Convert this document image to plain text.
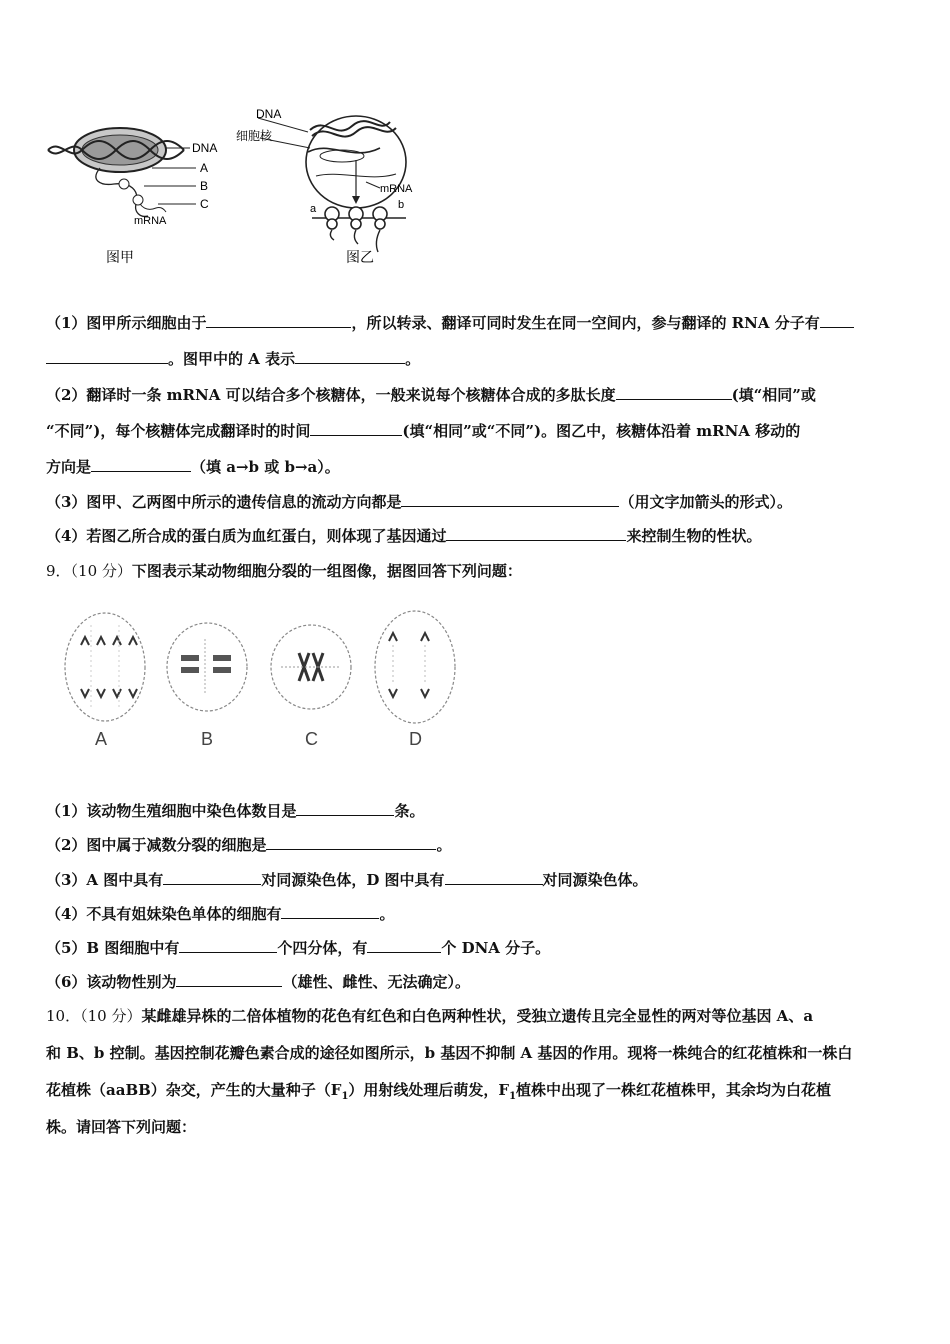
DNA
A
B
C
mRNA
图甲
DNA
细胞核
mRNA
a	b
图乙
（1）图甲所示细胞由于	，所以转录、翻译可同时发生在同一空间内，参与翻译的 RNA 分子有
。图甲中的 A 表示	。
（2）翻译时一条 mRNA 可以结合多个核糖体，一般来说每个核糖体合成的多肽长度	(填“相同”或
“不同”)，每个核糖体完成翻译时的时间	(填“相同”或“不同”)。图乙中，核糖体沿着 mRNA 移动的
方向是	（填 a→b 或 b→a）。
（3）图甲、乙两图中所示的遗传信息的流动方向都是	（用文字加箭头的形式）。
（4）若图乙所合成的蛋白质为血红蛋白，则体现了基因通过	来控制生物的性状。
9．（10 分）下图表示某动物细胞分裂的一组图像，据图回答下列问题：
A	B	C	D
（1）该动物生殖细胞中染色体数目是	条。
（2）图中属于减数分裂的细胞是	。
（3）A 图中具有	对同源染色体，D 图中具有	对同源染色体。
（4）不具有姐妹染色单体的细胞有	。
（5）B 图细胞中有	个四分体，有	个 DNA 分子。
（6）该动物性别为	（雄性、雌性、无法确定）。
10．（10 分）某雌雄异株的二倍体植物的花色有红色和白色两种性状，受独立遗传且完全显性的两对等位基因 A、a
和 B、b 控制。基因控制花瓣色素合成的途径如图所示，b 基因不抑制 A 基因的作用。现将一株纯合的红花植株和一株白
花植株（aaBB）杂交，产生的大量种子$(F_1)$用射线处理后萌发，$F_1$植株中出现了一株红花植株甲，其余均为白花植
株。请回答下列问题：
